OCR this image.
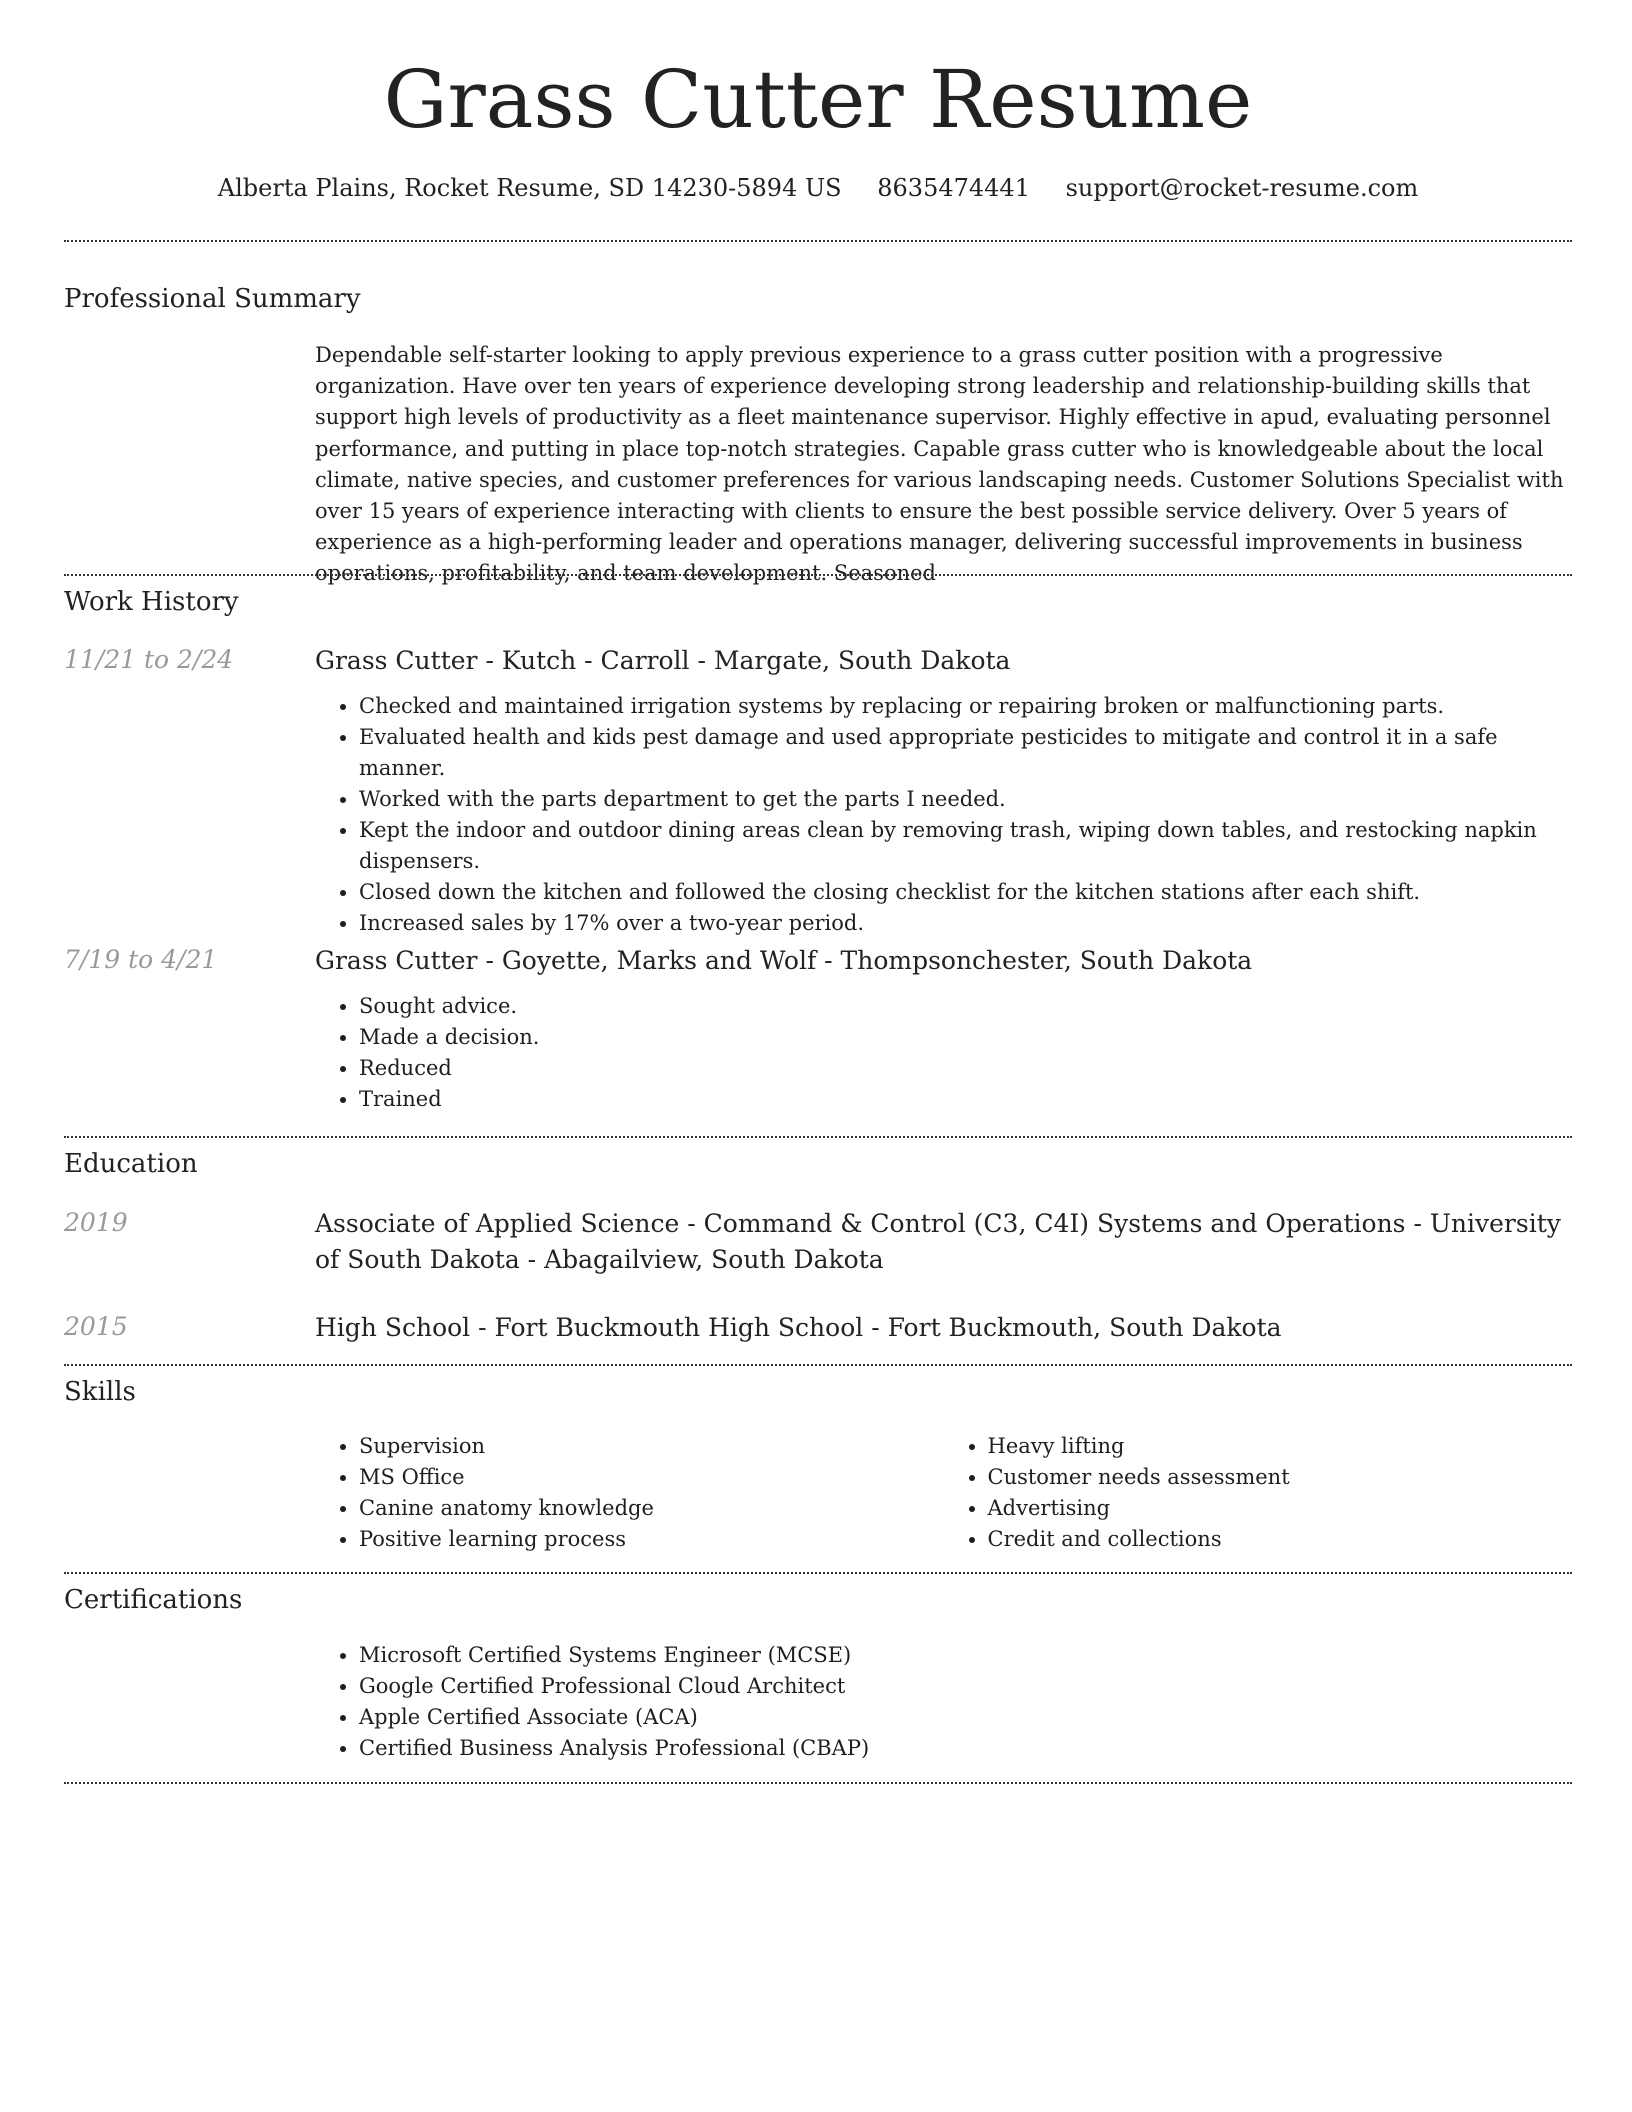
Grass Cutter Resume
Alberta Plains, Rocket Resume, SD 14230-5894 US 8635474441 support@rocket-resume.com
Professional Summary

Dependable self-starter looking to apply previous experience to a grass cutter position with a progressive organization. Have over ten years of experience developing strong leadership and relationship-building skills that support high levels of productivity as a fleet maintenance supervisor. Highly effective in apud, evaluating personnel performance, and putting in place top-notch strategies. Capable grass cutter who is knowledgeable about the local climate, native species, and customer preferences for various landscaping needs. Customer Solutions Specialist with over 15 years of experience interacting with clients to ensure the best possible service delivery. Over 5 years of experience as a high-performing leader and operations manager, delivering successful improvements in business operations, profitability, and team development. Seasoned

Work History
11/21 to 2/24	Grass Cutter - Kutch - Carroll - Margate, South Dakota

• Checked and maintained irrigation systems by replacing or repairing broken or malfunctioning parts.
• Evaluated health and kids pest damage and used appropriate pesticides to mitigate and control it in a safe manner.
• Worked with the parts department to get the parts I needed.
• Kept the indoor and outdoor dining areas clean by removing trash, wiping down tables, and restocking napkin dispensers.
• Closed down the kitchen and followed the closing checklist for the kitchen stations after each shift.
• Increased sales by 17% over a two-year period.
7/19 to 4/21	Grass Cutter - Goyette, Marks and Wolf - Thompsonchester, South Dakota

• Sought advice.
• Made a decision.
• Reduced
• Trained
Education
2019	Associate of Applied Science - Command & Control (C3, C4I) Systems and Operations - University of South Dakota - Abagailview, South Dakota

2015	High School - Fort Buckmouth High School - Fort Buckmouth, South Dakota

Skills
• Supervision
• MS Office
• Canine anatomy knowledge
• Positive learning process
• Heavy lifting
• Customer needs assessment
• Advertising
• Credit and collections
Certifications
• Microsoft Certified Systems Engineer (MCSE)
• Google Certified Professional Cloud Architect
• Apple Certified Associate (ACA)
• Certified Business Analysis Professional (CBAP)
